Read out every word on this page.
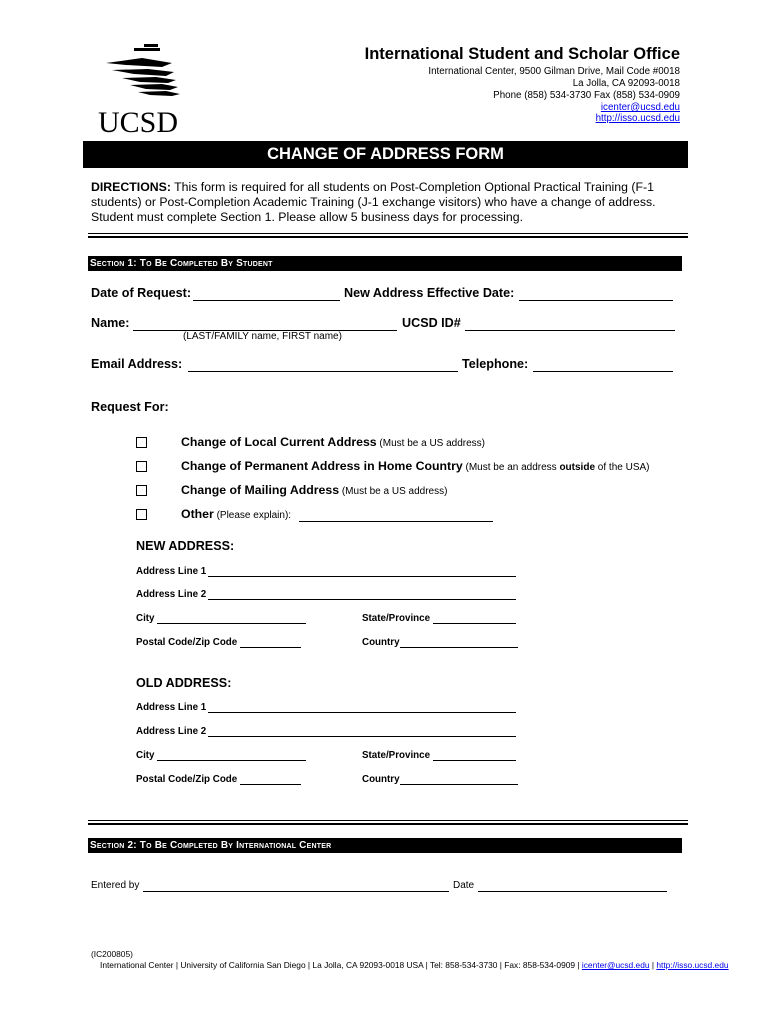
UCSD
International Student and Scholar Office
International Center, 9500 Gilman Drive, Mail Code #0018
La Jolla, CA 92093-0018
Phone (858) 534-3730 Fax (858) 534-0909
icenter@ucsd.edu
http://isso.ucsd.edu
CHANGE OF ADDRESS FORM
DIRECTIONS: This form is required for all students on Post-Completion Optional Practical Training (F-1 students) or Post-Completion Academic Training (J-1 exchange visitors) who have a change of address. Student must complete Section 1. Please allow 5 business days for processing.
Section 1: To Be Completed By Student
Date of Request:	New Address Effective Date:
Name:
(LAST/FAMILY name, FIRST name)
UCSD ID#
Email Address:	Telephone:
Request For:
Change of Local Current Address (Must be a US address)
Change of Permanent Address in Home Country (Must be an address outside of the USA)
Change of Mailing Address (Must be a US address)
Other (Please explain):
NEW ADDRESS:
Address Line 1
Address Line 2
City	State/Province
Postal Code/Zip Code	Country
OLD ADDRESS:
Address Line 1
Address Line 2
City	State/Province
Postal Code/Zip Code	Country
Section 2: To Be Completed By International Center
Entered by	Date
(IC200805)
International Center | University of California San Diego | La Jolla, CA 92093-0018 USA | Tel: 858-534-3730 | Fax: 858-534-0909 | icenter@ucsd.edu | http://isso.ucsd.edu
